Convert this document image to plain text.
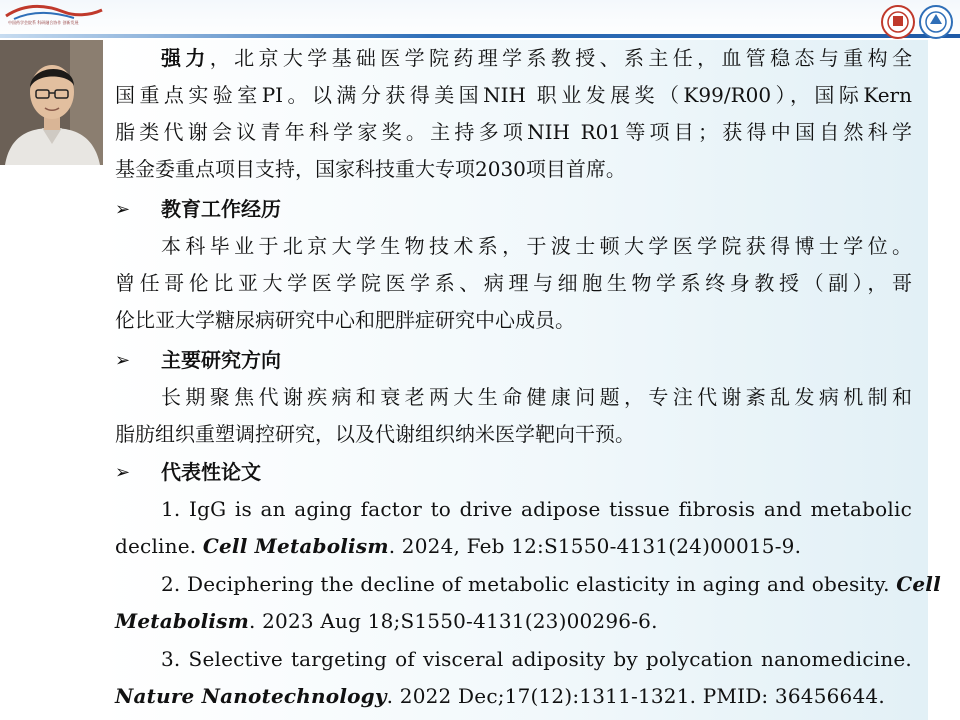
中国药学会院系 科研融合协作 创新发展
强力，北京大学基础医学院药理学系教授、系主任，血管稳态与重构全
国重点实验室PI。以满分获得美国NIH 职业发展奖（K99/R00），国际Kern
脂类代谢会议青年科学家奖。主持多项NIH R01等项目；获得中国自然科学
基金委重点项目支持，国家科技重大专项2030项目首席。
➢	教育工作经历
本科毕业于北京大学生物技术系，于波士顿大学医学院获得博士学位。
曾任哥伦比亚大学医学院医学系、病理与细胞生物学系终身教授（副），哥
伦比亚大学糖尿病研究中心和肥胖症研究中心成员。
➢	主要研究方向
长期聚焦代谢疾病和衰老两大生命健康问题，专注代谢紊乱发病机制和
脂肪组织重塑调控研究，以及代谢组织纳米医学靶向干预。
➢	代表性论文
1. IgG is an aging factor to drive adipose tissue fibrosis and metabolic
decline. Cell Metabolism. 2024, Feb 12:S1550-4131(24)00015-9.
2. Deciphering the decline of metabolic elasticity in aging and obesity. Cell
Metabolism. 2023 Aug 18;S1550-4131(23)00296-6.
3. Selective targeting of visceral adiposity by polycation nanomedicine.
Nature Nanotechnology. 2022 Dec;17(12):1311-1321. PMID: 36456644.
